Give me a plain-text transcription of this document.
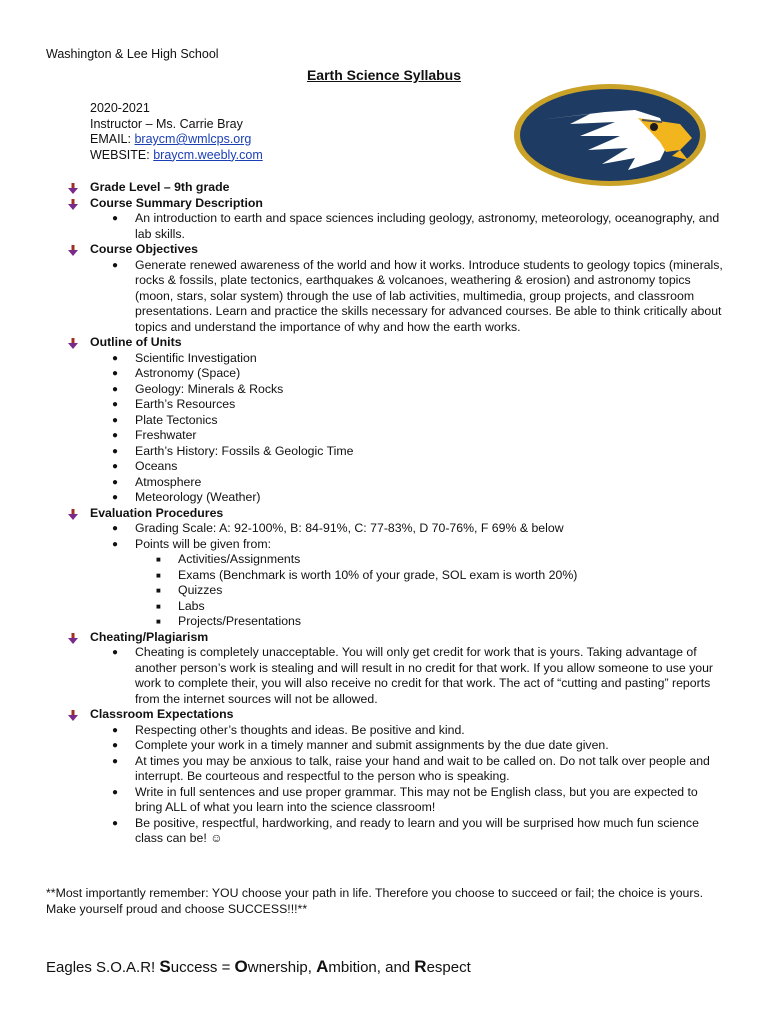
Washington & Lee High School
Earth Science Syllabus
2020-2021
Instructor – Ms. Carrie Bray
EMAIL: braycm@wmlcps.org
WEBSITE: braycm.weebly.com
Grade Level – 9th grade
Course Summary Description
●	An introduction to earth and space sciences including geology, astronomy, meteorology, oceanography, and lab skills.
Course Objectives
●	Generate renewed awareness of the world and how it works. Introduce students to geology topics (minerals, rocks & fossils, plate tectonics, earthquakes & volcanoes, weathering & erosion) and astronomy topics (moon, stars, solar system) through the use of lab activities, multimedia, group projects, and classroom presentations. Learn and practice the skills necessary for advanced courses. Be able to think critically about topics and understand the importance of why and how the earth works.
Outline of Units
●	Scientific Investigation
●	Astronomy (Space)
●	Geology: Minerals & Rocks
●	Earth’s Resources
●	Plate Tectonics
●	Freshwater
●	Earth’s History: Fossils & Geologic Time
●	Oceans
●	Atmosphere
●	Meteorology (Weather)
Evaluation Procedures
●	Grading Scale: A: 92-100%, B: 84-91%, C: 77-83%, D 70-76%, F 69% & below
●	Points will be given from:
■	Activities/Assignments
■	Exams (Benchmark is worth 10% of your grade, SOL exam is worth 20%)
■	Quizzes
■	Labs
■	Projects/Presentations
Cheating/Plagiarism
●	Cheating is completely unacceptable. You will only get credit for work that is yours. Taking advantage of another person’s work is stealing and will result in no credit for that work. If you allow someone to use your work to complete their, you will also receive no credit for that work. The act of “cutting and pasting” reports from the internet sources will not be allowed.
Classroom Expectations
●	Respecting other’s thoughts and ideas. Be positive and kind.
●	Complete your work in a timely manner and submit assignments by the due date given.
●	At times you may be anxious to talk, raise your hand and wait to be called on. Do not talk over people and interrupt. Be courteous and respectful to the person who is speaking.
●	Write in full sentences and use proper grammar. This may not be English class, but you are expected to bring ALL of what you learn into the science classroom!
●	Be positive, respectful, hardworking, and ready to learn and you will be surprised how much fun science class can be! ☺
**Most importantly remember: YOU choose your path in life. Therefore you choose to succeed or fail; the choice is yours. Make yourself proud and choose SUCCESS!!!**
Eagles S.O.A.R! Success = Ownership, Ambition, and Respect
